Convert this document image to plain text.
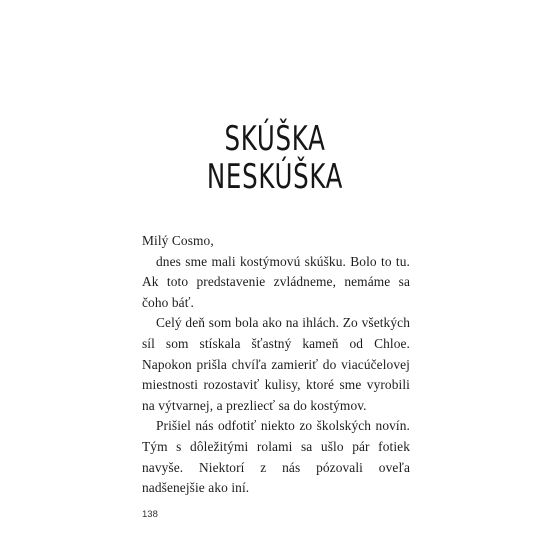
SKÚŠKA
NESKÚŠKA

Milý Cosmo,

dnes sme mali kostýmovú skúšku. Bolo to tu. Ak toto predstavenie zvládneme, nemáme sa čoho báť.

Celý deň som bola ako na ihlách. Zo všetkých síl som stískala šťastný kameň od Chloe. Napokon prišla chvíľa zamieriť do viacúčelovej miestnosti rozostaviť kulisy, ktoré sme vyrobili na výtvarnej, a prezliecť sa do kostýmov.

Prišiel nás odfotiť niekto zo školských novín. Tým s dôležitými rolami sa ušlo pár fotiek navyše. Niektorí z nás pózovali oveľa nadšenejšie ako iní.

138
